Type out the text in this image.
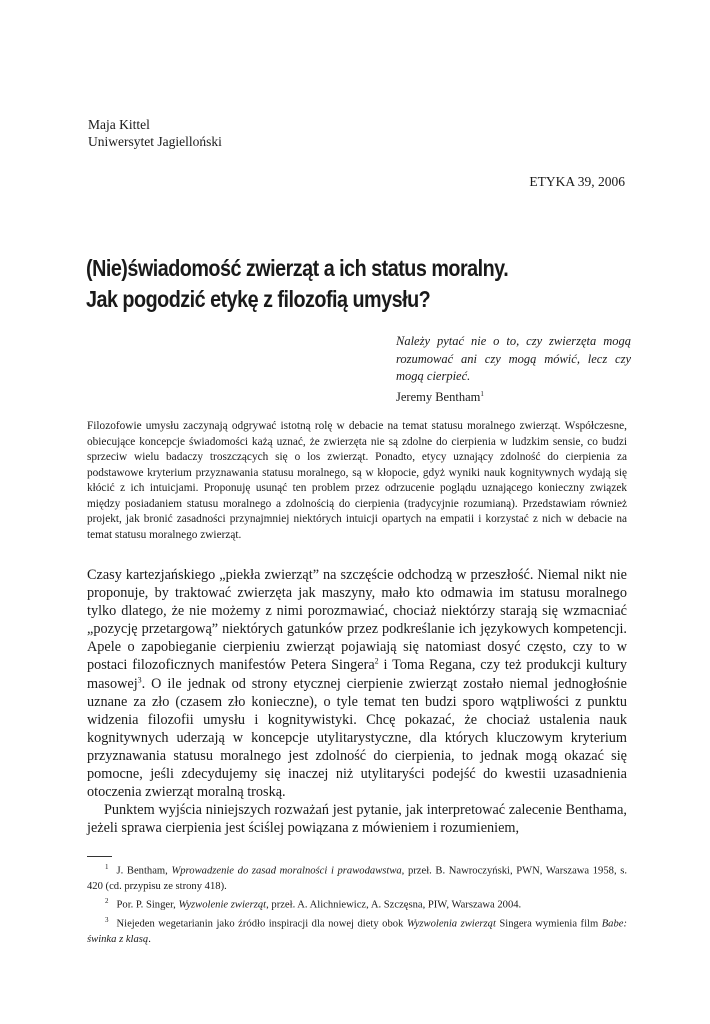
Maja Kittel
Uniwersytet Jagielloński
ETYKA 39, 2006
(Nie)świadomość zwierząt a ich status moralny.
Jak pogodzić etykę z filozofią umysłu?
Należy pytać nie o to, czy zwierzęta mogą rozumować ani czy mogą mówić, lecz czy mogą cierpieć.
Jeremy Bentham$^1$
Filozofowie umysłu zaczynają odgrywać istotną rolę w debacie na temat statusu moralnego zwierząt. Współczesne, obiecujące koncepcje świadomości każą uznać, że zwierzęta nie są zdolne do cierpienia w ludzkim sensie, co budzi sprzeciw wielu badaczy troszczących się o los zwierząt. Ponadto, etycy uznający zdolność do cierpienia za podstawowe kryterium przyznawania statusu moralnego, są w kłopocie, gdyż wyniki nauk kognitywnych wydają się kłócić z ich intuicjami. Proponuję usunąć ten problem przez odrzucenie poglądu uznającego konieczny związek między posiadaniem statusu moralnego a zdolnością do cierpienia (tradycyjnie rozumianą). Przedstawiam również projekt, jak bronić zasadności przynajmniej niektórych intuicji opartych na empatii i korzystać z nich w debacie na temat statusu moralnego zwierząt.

Czasy kartezjańskiego „piekła zwierząt” na szczęście odchodzą w przeszłość. Niemal nikt nie proponuje, by traktować zwierzęta jak maszyny, mało kto odmawia im statusu moralnego tylko dlatego, że nie możemy z nimi porozmawiać, chociaż niektórzy starają się wzmacniać „pozycję przetargową” niektórych gatunków przez podkreślanie ich językowych kompetencji. Apele o zapobieganie cierpieniu zwierząt pojawiają się natomiast dosyć często, czy to w postaci filozoficznych manifestów Petera Singera$^2$ i Toma Regana, czy też produkcji kultury masowej$^3$. O ile jednak od strony etycznej cierpienie zwierząt zostało niemal jednogłośnie uznane za zło (czasem zło konieczne), o tyle temat ten budzi sporo wątpliwości z punktu widzenia filozofii umysłu i kognitywistyki. Chcę pokazać, że chociaż ustalenia nauk kognitywnych uderzają w koncepcje utylitarystyczne, dla których kluczowym kryterium przyznawania statusu moralnego jest zdolność do cierpienia, to jednak mogą okazać się pomocne, jeśli zdecydujemy się inaczej niż utylitaryści podejść do kwestii uzasadnienia otoczenia zwierząt moralną troską.

Punktem wyjścia niniejszych rozważań jest pytanie, jak interpretować zalecenie Benthama, jeżeli sprawa cierpienia jest ściślej powiązana z mówieniem i rozumieniem,

$^1$ J. Bentham, Wprowadzenie do zasad moralności i prawodawstwa, przeł. B. Nawroczyński, PWN, Warszawa 1958, s. 420 (cd. przypisu ze strony 418).

$^2$ Por. P. Singer, Wyzwolenie zwierząt, przeł. A. Alichniewicz, A. Szczęsna, PIW, Warszawa 2004.

$^3$ Niejeden wegetarianin jako źródło inspiracji dla nowej diety obok Wyzwolenia zwierząt Singera wymienia film Babe: świnka z klasą.
